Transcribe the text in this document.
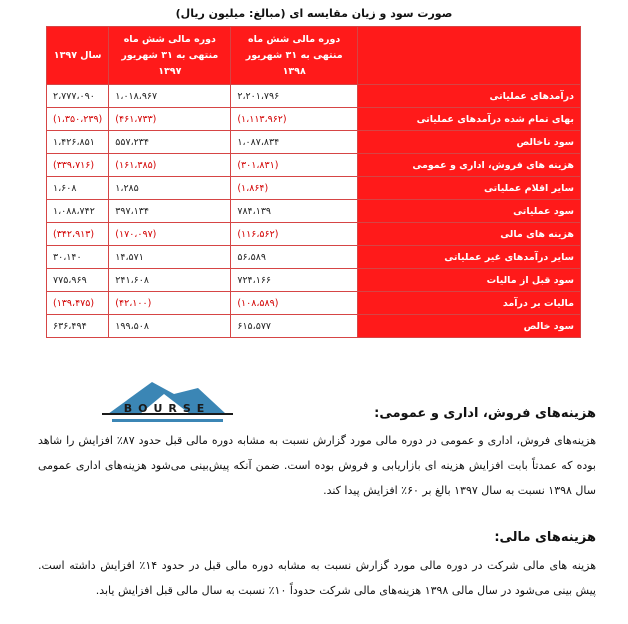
صورت سود و زیان مقایسه ای (مبالغ: میلیون ریال)
	دوره مالی شش ماه منتهی به ۳۱ شهریور ۱۳۹۸	دوره مالی شش ماه منتهی به ۳۱ شهریور ۱۳۹۷	سال ۱۳۹۷
درآمدهای عملیاتی	۲،۲۰۱،۷۹۶	۱،۰۱۸،۹۶۷	۲،۷۷۷،۰۹۰
بهای تمام شده درآمدهای عملیاتی	(۱،۱۱۳،۹۶۲)	(۴۶۱،۷۳۳)	(۱،۳۵۰،۲۳۹)
سود ناخالص	۱،۰۸۷،۸۳۴	۵۵۷،۲۳۴	۱،۴۲۶،۸۵۱
هزینه های فروش، اداری و عمومی	(۳۰۱،۸۳۱)	(۱۶۱،۳۸۵)	(۳۳۹،۷۱۶)
سایر اقلام عملیاتی	(۱،۸۶۴)	۱،۲۸۵	۱،۶۰۸
سود عملیاتی	۷۸۴،۱۳۹	۳۹۷،۱۳۴	۱،۰۸۸،۷۴۲
هزینه های مالی	(۱۱۶،۵۶۲)	(۱۷۰،۰۹۷)	(۳۴۲،۹۱۳)
سایر درآمدهای غیر عملیاتی	۵۶،۵۸۹	۱۴،۵۷۱	۳۰،۱۴۰
سود قبل از مالیات	۷۲۴،۱۶۶	۲۴۱،۶۰۸	۷۷۵،۹۶۹
مالیات بر درآمد	(۱۰۸،۵۸۹)	(۴۲،۱۰۰)	(۱۳۹،۴۷۵)
سود خالص	۶۱۵،۵۷۷	۱۹۹،۵۰۸	۶۳۶،۴۹۴
BOURSE	هزینه‌های فروش، اداری و عمومی:
هزینه‌های فروش، اداری و عمومی در دوره مالی مورد گزارش نسبت به مشابه دوره مالی قبل حدود ۸۷٪ افزایش را شاهد بوده که عمدتاً بابت افزایش هزینه ای بازاریابی و فروش بوده است. ضمن آنکه پیش‌بینی می‌شود هزینه‌های اداری عمومی سال ۱۳۹۸ نسبت به سال ۱۳۹۷ بالغ بر ۶۰٪ افزایش پیدا کند.
هزینه‌های مالی:
هزینه های مالی شرکت در دوره مالی مورد گزارش نسبت به مشابه دوره مالی قبل در حدود ۱۴٪ افزایش داشته است. پیش بینی می‌شود در سال مالی ۱۳۹۸ هزینه‌های مالی شرکت حدوداً ۱۰٪ نسبت به سال مالی قبل افزایش یابد.
